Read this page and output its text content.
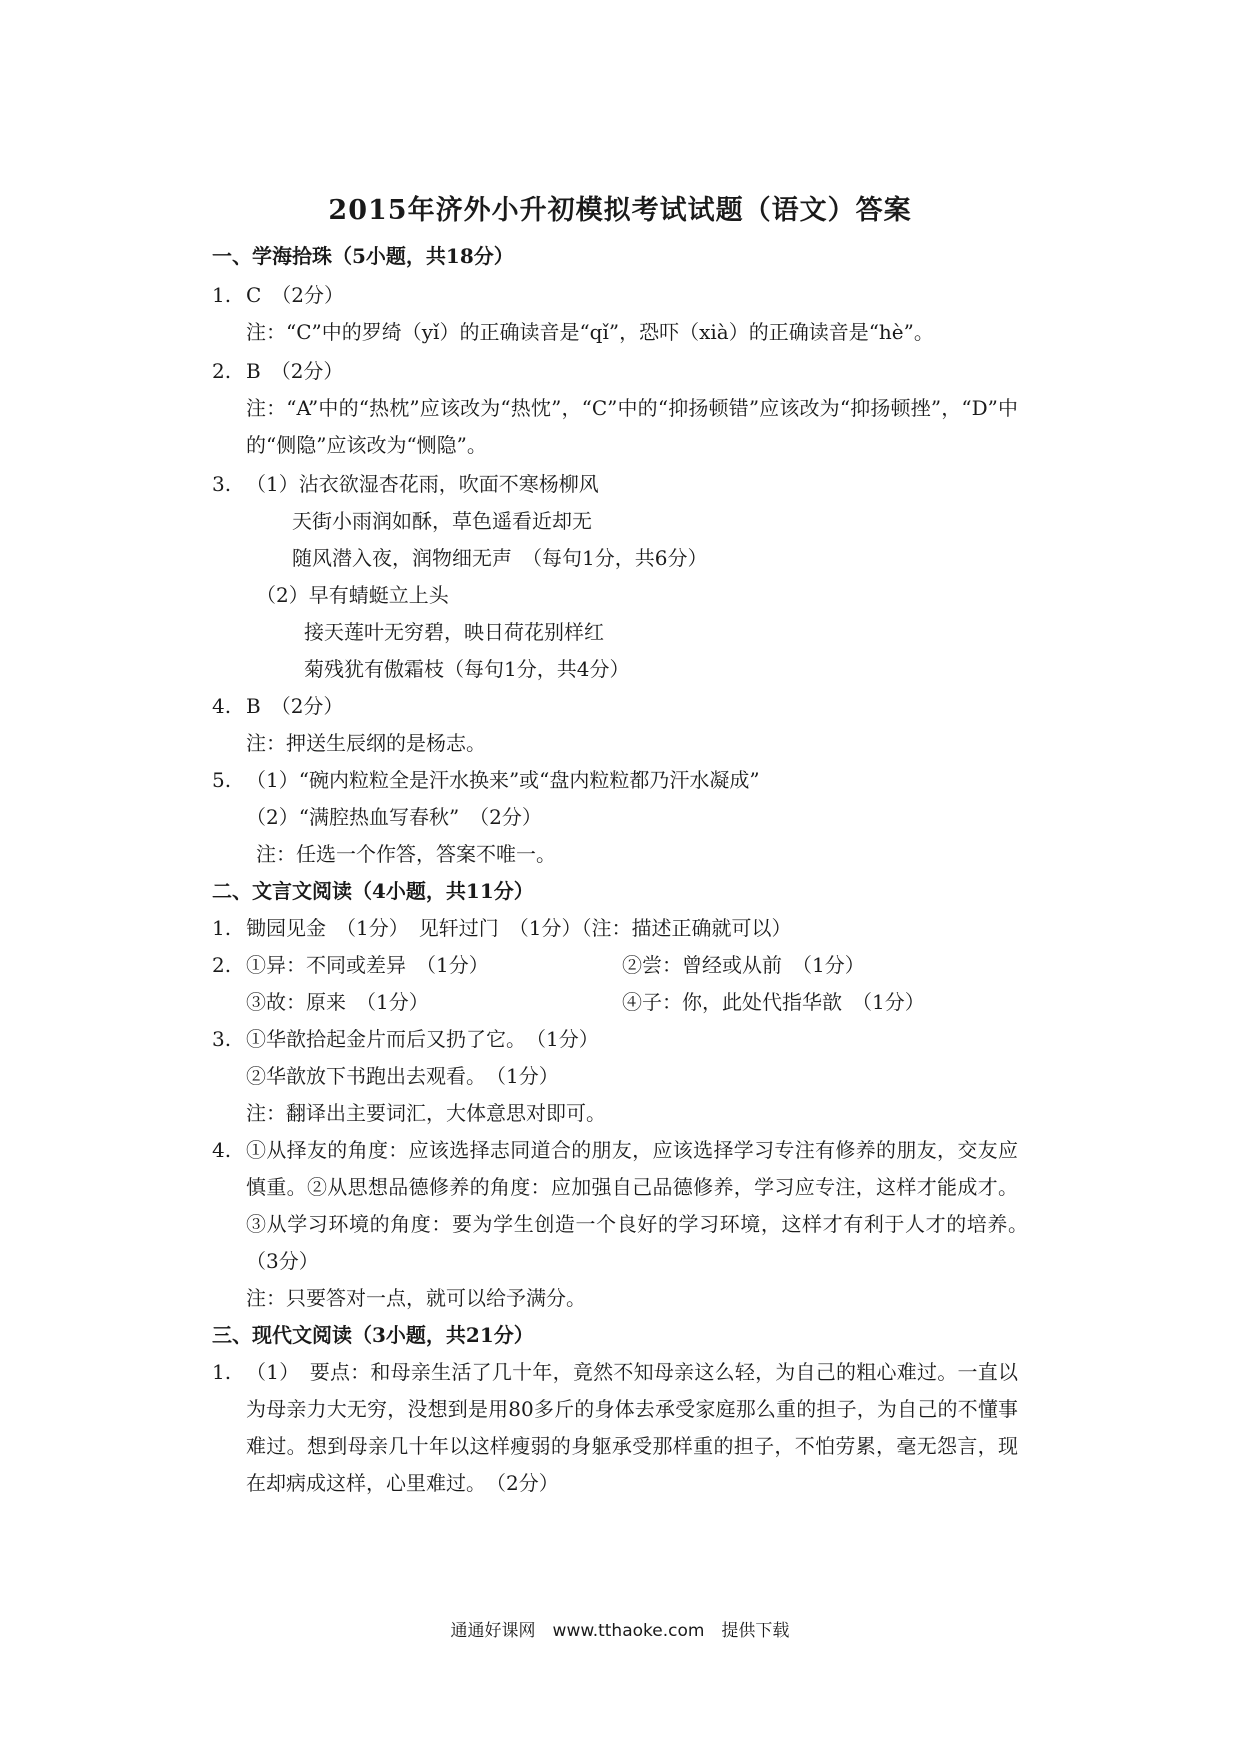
2015年济外小升初模拟考试试题（语文）答案
一、学海拾珠（5小题，共18分）
1. C　（2分）
注：“C”中的罗绮（yǐ）的正确读音是“qǐ”，恐吓（xià）的正确读音是“hè”。
2. B　（2分）
注：“A”中的“热枕”应该改为“热忱”，“C”中的“抑扬顿错”应该改为“抑扬顿挫”，“D”中的“侧隐”应该改为“恻隐”。
3. （1）沾衣欲湿杏花雨，吹面不寒杨柳风
天街小雨润如酥，草色遥看近却无
随风潜入夜，润物细无声　（每句1分，共6分）
（2）早有蜻蜓立上头
接天莲叶无穷碧，映日荷花别样红
菊残犹有傲霜枝（每句1分，共4分）
4. B　（2分）
注：押送生辰纲的是杨志。
5. （1）“碗内粒粒全是汗水换来”或“盘内粒粒都乃汗水凝成”
（2）“满腔热血写春秋”　（2分）
注：任选一个作答，答案不唯一。
二、文言文阅读（4小题，共11分）
1. 锄园见金　（1分）　见轩过门　（1分）（注：描述正确就可以）
2. ①异：不同或差异　（1分）	②尝：曾经或从前　（1分）
③故：原来　（1分）	④子：你，此处代指华歆　（1分）
3. ①华歆拾起金片而后又扔了它。　（1分）
②华歆放下书跑出去观看。　（1分）
注：翻译出主要词汇，大体意思对即可。
4. ①从择友的角度：应该选择志同道合的朋友，应该选择学习专注有修养的朋友，交友应慎重。②从思想品德修养的角度：应加强自己品德修养，学习应专注，这样才能成才。③从学习环境的角度：要为学生创造一个良好的学习环境，这样才有利于人才的培养。　（3分）
注：只要答对一点，就可以给予满分。
三、现代文阅读（3小题，共21分）
1. （1）　要点：和母亲生活了几十年，竟然不知母亲这么轻，为自己的粗心难过。一直以为母亲力大无穷，没想到是用80多斤的身体去承受家庭那么重的担子，为自己的不懂事难过。想到母亲几十年以这样瘦弱的身躯承受那样重的担子，不怕劳累，毫无怨言，现在却病成这样，心里难过。　（2分）
通通好课网　www.tthaoke.com　提供下载
